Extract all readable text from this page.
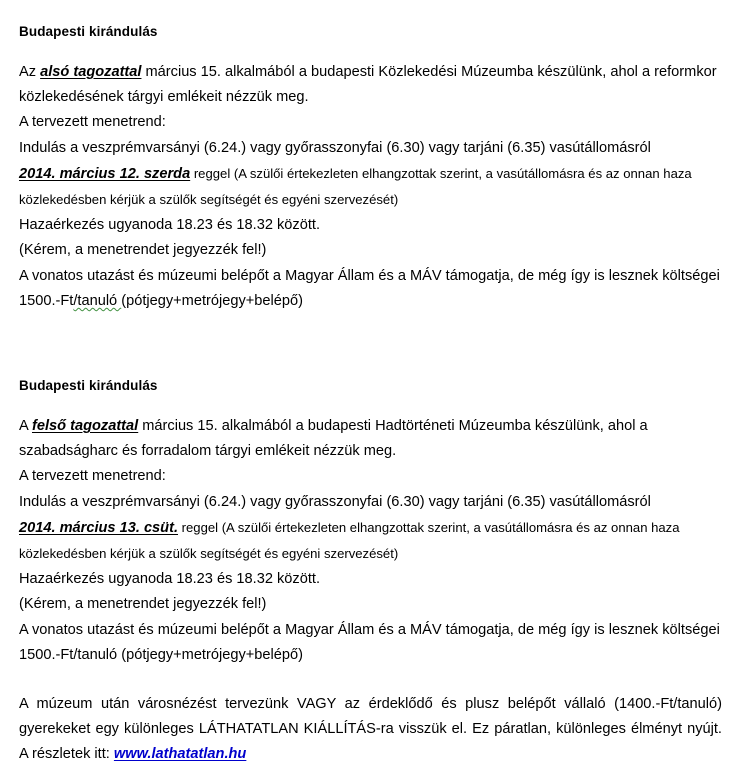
Budapesti kirándulás

Az alsó tagozattal március 15. alkalmából a budapesti Közlekedési Múzeumba készülünk, ahol a reformkor közlekedésének tárgyi emlékeit nézzük meg.

A tervezett menetrend:

Indulás a veszprémvarsányi (6.24.) vagy győrasszonyfai (6.30) vagy tarjáni (6.35) vasútállomásról

2014. március 12. szerda reggel (A szülői értekezleten elhangzottak szerint, a vasútállomásra és az onnan haza közlekedésben kérjük a szülők segítségét és egyéni szervezését)

Hazaérkezés ugyanoda 18.23 és 18.32 között.

(Kérem, a menetrendet jegyezzék fel!)

A vonatos utazást és múzeumi belépőt a Magyar Állam és a MÁV támogatja, de még így is lesznek költségei 1500.-Ft/tanuló (pótjegy+metrójegy+belépő)

Budapesti kirándulás

A felső tagozattal március 15. alkalmából a budapesti Hadtörténeti Múzeumba készülünk, ahol a szabadságharc és forradalom tárgyi emlékeit nézzük meg.

A tervezett menetrend:

Indulás a veszprémvarsányi (6.24.) vagy győrasszonyfai (6.30) vagy tarjáni (6.35) vasútállomásról

2014. március 13. csüt. reggel (A szülői értekezleten elhangzottak szerint, a vasútállomásra és az onnan haza közlekedésben kérjük a szülők segítségét és egyéni szervezését)

Hazaérkezés ugyanoda 18.23 és 18.32 között.

(Kérem, a menetrendet jegyezzék fel!)

A vonatos utazást és múzeumi belépőt a Magyar Állam és a MÁV támogatja, de még így is lesznek költségei 1500.-Ft/tanuló (pótjegy+metrójegy+belépő)

A múzeum után városnézést tervezünk VAGY az érdeklődő és plusz belépőt vállaló (1400.-Ft/tanuló) gyerekeket egy különleges LÁTHATATLAN KIÁLLÍTÁS-ra visszük el. Ez páratlan, különleges élményt nyújt. A részletek itt: www.lathatatlan.hu
